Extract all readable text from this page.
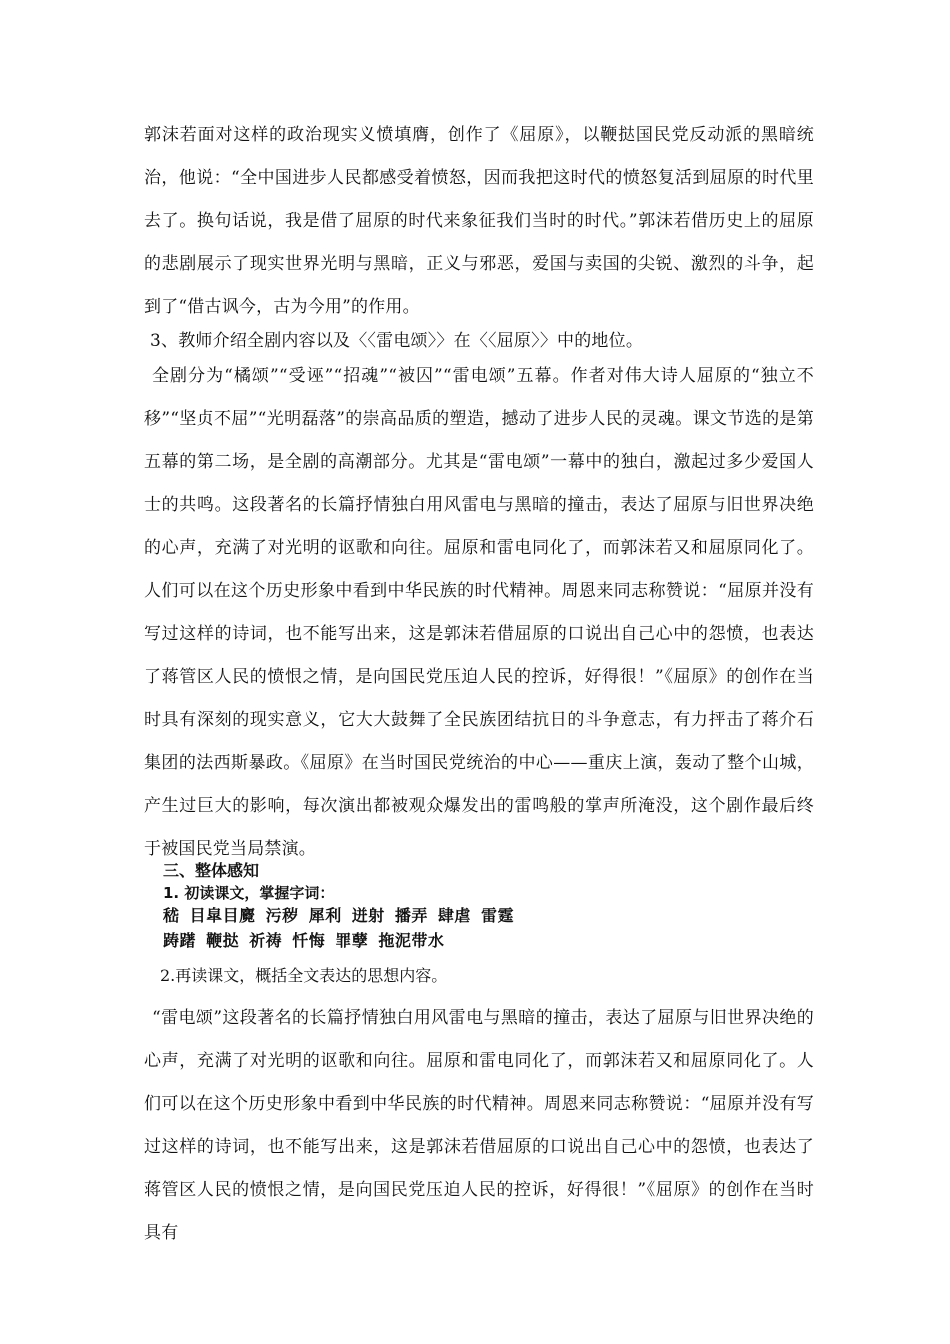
郭沫若面对这样的政治现实义愤填膺，创作了《屈原》，以鞭挞国民党反动派的黑暗统治，他说：“全中国进步人民都感受着愤怒，因而我把这时代的愤怒复活到屈原的时代里去了。换句话说，我是借了屈原的时代来象征我们当时的时代。”郭沫若借历史上的屈原的悲剧展示了现实世界光明与黑暗，正义与邪恶，爱国与卖国的尖锐、激烈的斗争，起到了“借古讽今，古为今用”的作用。

3、教师介绍全剧内容以及〈〈雷电颂〉〉在〈〈屈原〉〉中的地位。

全剧分为“橘颂”“受诬”“招魂”“被囚”“雷电颂”五幕。作者对伟大诗人屈原的“独立不移”“坚贞不屈”“光明磊落”的崇高品质的塑造，撼动了进步人民的灵魂。课文节选的是第五幕的第二场，是全剧的高潮部分。尤其是“雷电颂”一幕中的独白，激起过多少爱国人士的共鸣。这段著名的长篇抒情独白用风雷电与黑暗的撞击，表达了屈原与旧世界决绝的心声，充满了对光明的讴歌和向往。屈原和雷电同化了，而郭沫若又和屈原同化了。人们可以在这个历史形象中看到中华民族的时代精神。周恩来同志称赞说：“屈原并没有写过这样的诗词，也不能写出来，这是郭沫若借屈原的口说出自己心中的怨愤，也表达了蒋管区人民的愤恨之情，是向国民党压迫人民的控诉，好得很！”《屈原》的创作在当时具有深刻的现实意义，它大大鼓舞了全民族团结抗日的斗争意志，有力抨击了蒋介石集团的法西斯暴政。《屈原》在当时国民党统治的中心——重庆上演，轰动了整个山城，产生过巨大的影响，每次演出都被观众爆发出的雷鸣般的掌声所淹没，这个剧作最后终于被国民党当局禁演。

三、整体感知

1. 初读课文，掌握字词：

嵇 目皐目麑 污秽 犀利 迸射 播弄 肆虐 雷霆

踌躇 鞭挞 祈祷 忏悔 罪孽 拖泥带水

2.再读课文，概括全文表达的思想内容。

“雷电颂”这段著名的长篇抒情独白用风雷电与黑暗的撞击，表达了屈原与旧世界决绝的心声，充满了对光明的讴歌和向往。屈原和雷电同化了，而郭沫若又和屈原同化了。人们可以在这个历史形象中看到中华民族的时代精神。周恩来同志称赞说：“屈原并没有写过这样的诗词，也不能写出来，这是郭沫若借屈原的口说出自己心中的怨愤，也表达了蒋管区人民的愤恨之情，是向国民党压迫人民的控诉，好得很！”《屈原》的创作在当时具有
